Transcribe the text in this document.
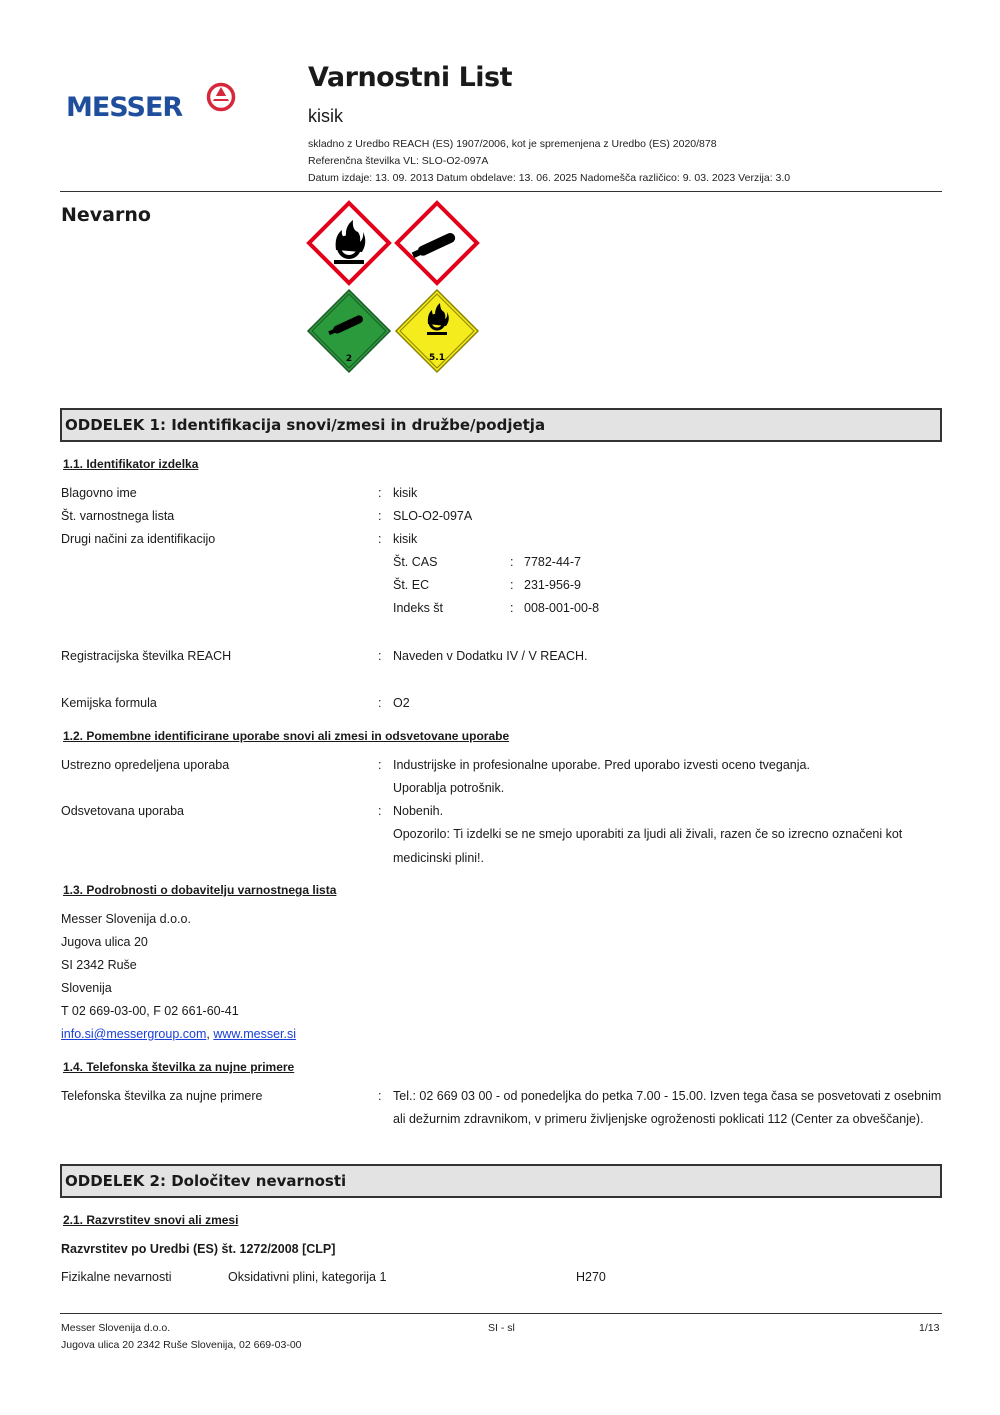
MESSER
Varnostni List
kisik
skladno z Uredbo REACH (ES) 1907/2006, kot je spremenjena z Uredbo (ES) 2020/878
Referenčna številka VL: SLO-O2-097A
Datum izdaje: 13. 09. 2013 Datum obdelave: 13. 06. 2025 Nadomešča različico: 9. 03. 2023 Verzija: 3.0
Nevarno
2	5.1
ODDELEK 1: Identifikacija snovi/zmesi in družbe/podjetja
1.1. Identifikator izdelka
Blagovno ime	: kisik
Št. varnostnega lista	: SLO-O2-097A
Drugi načini za identifikacijo	: kisik
Št. CAS	: 7782-44-7
Št. EC	: 231-956-9
Indeks št	: 008-001-00-8
Registracijska številka REACH	: Naveden v Dodatku IV / V REACH.
Kemijska formula	: O2
1.2. Pomembne identificirane uporabe snovi ali zmesi in odsvetovane uporabe
Ustrezno opredeljena uporaba	: Industrijske in profesionalne uporabe. Pred uporabo izvesti oceno tveganja.
Uporablja potrošnik.
Odsvetovana uporaba	: Nobenih.
Opozorilo: Ti izdelki se ne smejo uporabiti za ljudi ali živali, razen če so izrecno označeni kot
medicinski plini!.
1.3. Podrobnosti o dobavitelju varnostnega lista
Messer Slovenija d.o.o.
Jugova ulica 20
SI 2342 Ruše
Slovenija
T 02 669-03-00, F 02 661-60-41
info.si@messergroup.com, www.messer.si
1.4. Telefonska številka za nujne primere
Telefonska številka za nujne primere	: Tel.: 02 669 03 00 - od ponedeljka do petka 7.00 - 15.00. Izven tega časa se posvetovati z osebnim
ali dežurnim zdravnikom, v primeru življenjske ogroženosti poklicati 112 (Center za obveščanje).
ODDELEK 2: Določitev nevarnosti
2.1. Razvrstitev snovi ali zmesi
Razvrstitev po Uredbi (ES) št. 1272/2008 [CLP]
Fizikalne nevarnosti	Oksidativni plini, kategorija 1	H270
Messer Slovenija d.o.o.
Jugova ulica 20 2342 Ruše Slovenija, 02 669-03-00
SI - sl	1/13
